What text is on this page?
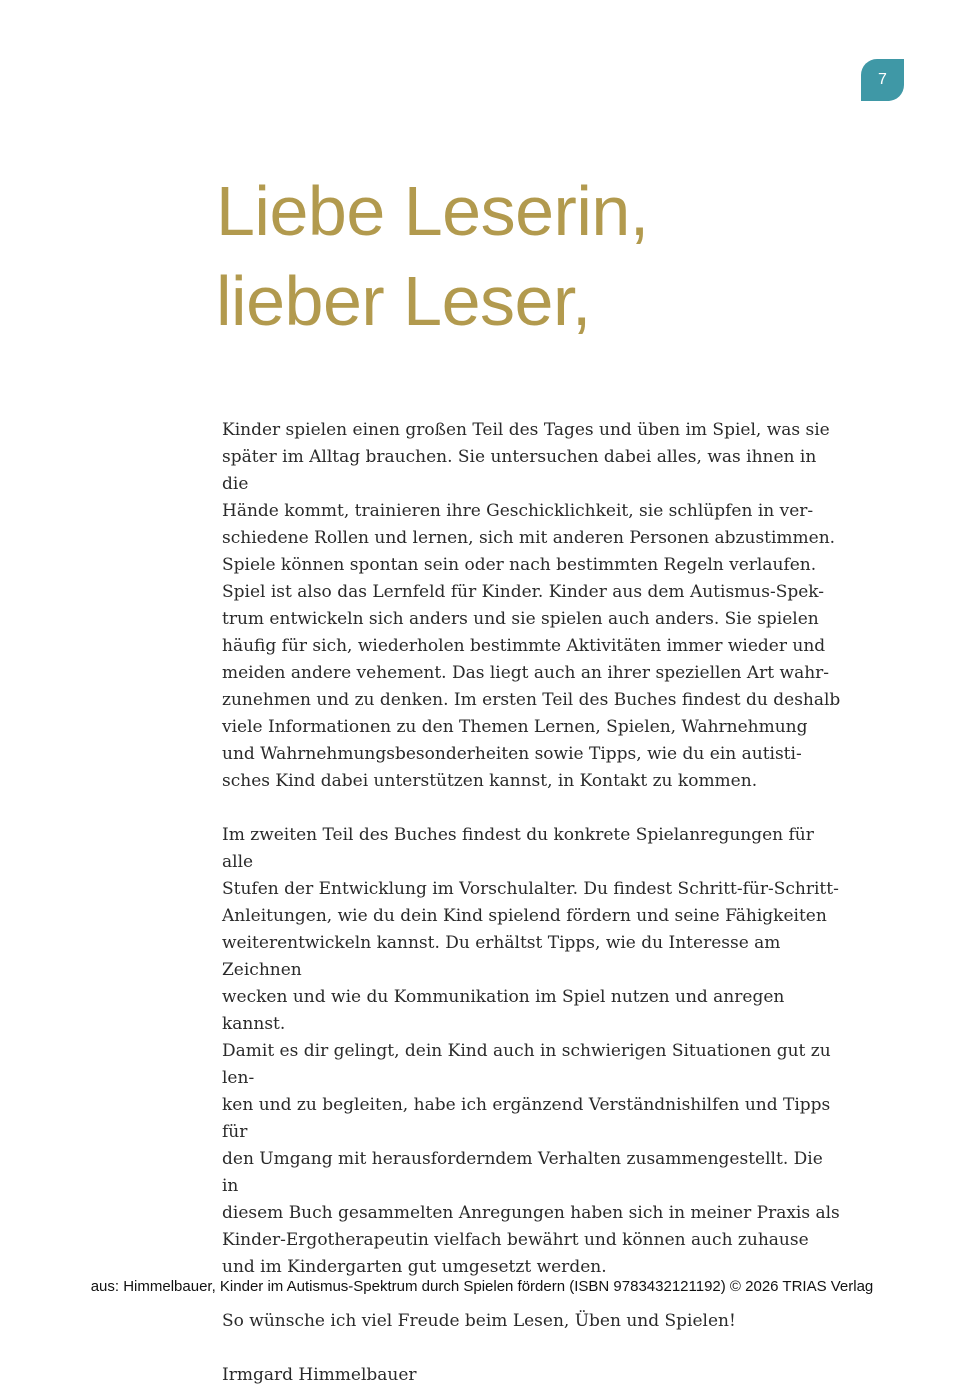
7
Liebe Leserin,
lieber Leser,

Kinder spielen einen großen Teil des Tages und üben im Spiel, was sie
später im Alltag brauchen. Sie untersuchen dabei alles, was ihnen in die
Hände kommt, trainieren ihre Geschicklichkeit, sie schlüpfen in ver-
schiedene Rollen und lernen, sich mit anderen Personen abzustimmen.
Spiele können spontan sein oder nach bestimmten Regeln verlaufen.
Spiel ist also das Lernfeld für Kinder. Kinder aus dem Autismus-Spek-
trum entwickeln sich anders und sie spielen auch anders. Sie spielen
häufig für sich, wiederholen bestimmte Aktivitäten immer wieder und
meiden andere vehement. Das liegt auch an ihrer speziellen Art wahr-
zunehmen und zu denken. Im ersten Teil des Buches findest du deshalb
viele Informationen zu den Themen Lernen, Spielen, Wahrnehmung
und Wahrnehmungsbesonderheiten sowie Tipps, wie du ein autisti-
sches Kind dabei unterstützen kannst, in Kontakt zu kommen.

Im zweiten Teil des Buches findest du konkrete Spielanregungen für alle
Stufen der Entwicklung im Vorschulalter. Du findest Schritt-für-Schritt-
Anleitungen, wie du dein Kind spielend fördern und seine Fähigkeiten
weiterentwickeln kannst. Du erhältst Tipps, wie du Interesse am Zeichnen
wecken und wie du Kommunikation im Spiel nutzen und anregen kannst.
Damit es dir gelingt, dein Kind auch in schwierigen Situationen gut zu len-
ken und zu begleiten, habe ich ergänzend Verständnishilfen und Tipps für
den Umgang mit herausforderndem Verhalten zusammengestellt. Die in
diesem Buch gesammelten Anregungen haben sich in meiner Praxis als
Kinder-Ergotherapeutin vielfach bewährt und können auch zuhause
und im Kindergarten gut umgesetzt werden.

So wünsche ich viel Freude beim Lesen, Üben und Spielen!

Irmgard Himmelbauer

aus: Himmelbauer, Kinder im Autismus-Spektrum durch Spielen fördern (ISBN 9783432121192) © 2026 TRIAS Verlag
